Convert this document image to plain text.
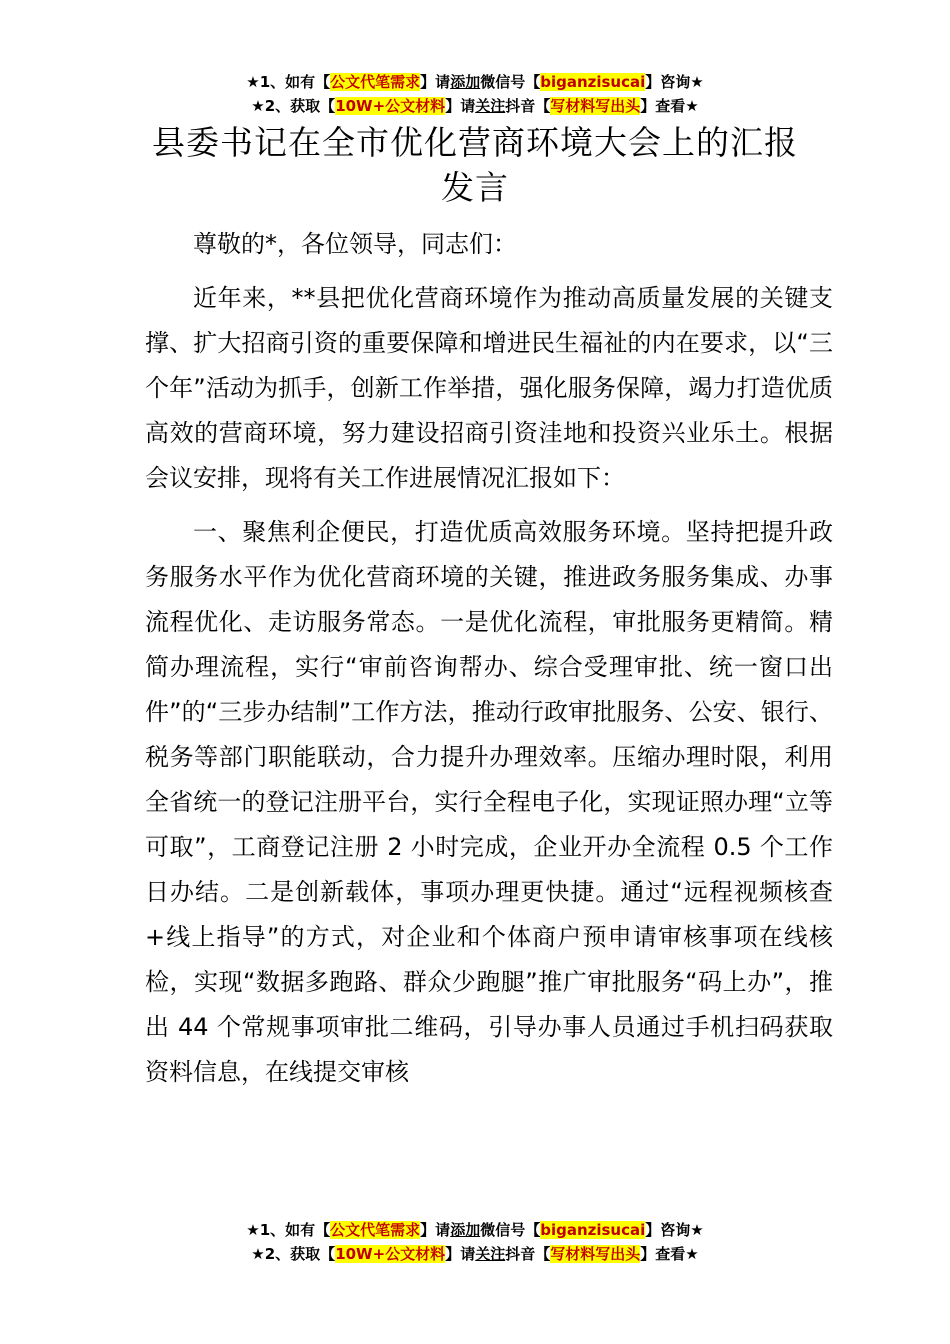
★1、如有【公文代笔需求】请添加微信号【biganzisucai】咨询★
★2、获取【10W+公文材料】请关注抖音【写材料写出头】查看★
县委书记在全市优化营商环境大会上的汇报
发言

尊敬的*，各位领导，同志们：

近年来，**县把优化营商环境作为推动高质量发展的关键支撑、扩大招商引资的重要保障和增进民生福祉的内在要求，以“三个年”活动为抓手，创新工作举措，强化服务保障，竭力打造优质高效的营商环境，努力建设招商引资洼地和投资兴业乐土。根据会议安排，现将有关工作进展情况汇报如下：

一、聚焦利企便民，打造优质高效服务环境。坚持把提升政务服务水平作为优化营商环境的关键，推进政务服务集成、办事流程优化、走访服务常态。一是优化流程，审批服务更精简。精简办理流程，实行“审前咨询帮办、综合受理审批、统一窗口出件”的“三步办结制”工作方法，推动行政审批服务、公安、银行、税务等部门职能联动，合力提升办理效率。压缩办理时限，利用全省统一的登记注册平台，实行全程电子化，实现证照办理“立等可取”，工商登记注册 2 小时完成，企业开办全流程 0.5 个工作日办结。二是创新载体，事项办理更快捷。通过“远程视频核查+线上指导”的方式，对企业和个体商户预申请审核事项在线核检，实现“数据多跑路、群众少跑腿”推广审批服务“码上办”，推出 44 个常规事项审批二维码，引导办事人员通过手机扫码获取资料信息，在线提交审核

★1、如有【公文代笔需求】请添加微信号【biganzisucai】咨询★
★2、获取【10W+公文材料】请关注抖音【写材料写出头】查看★
